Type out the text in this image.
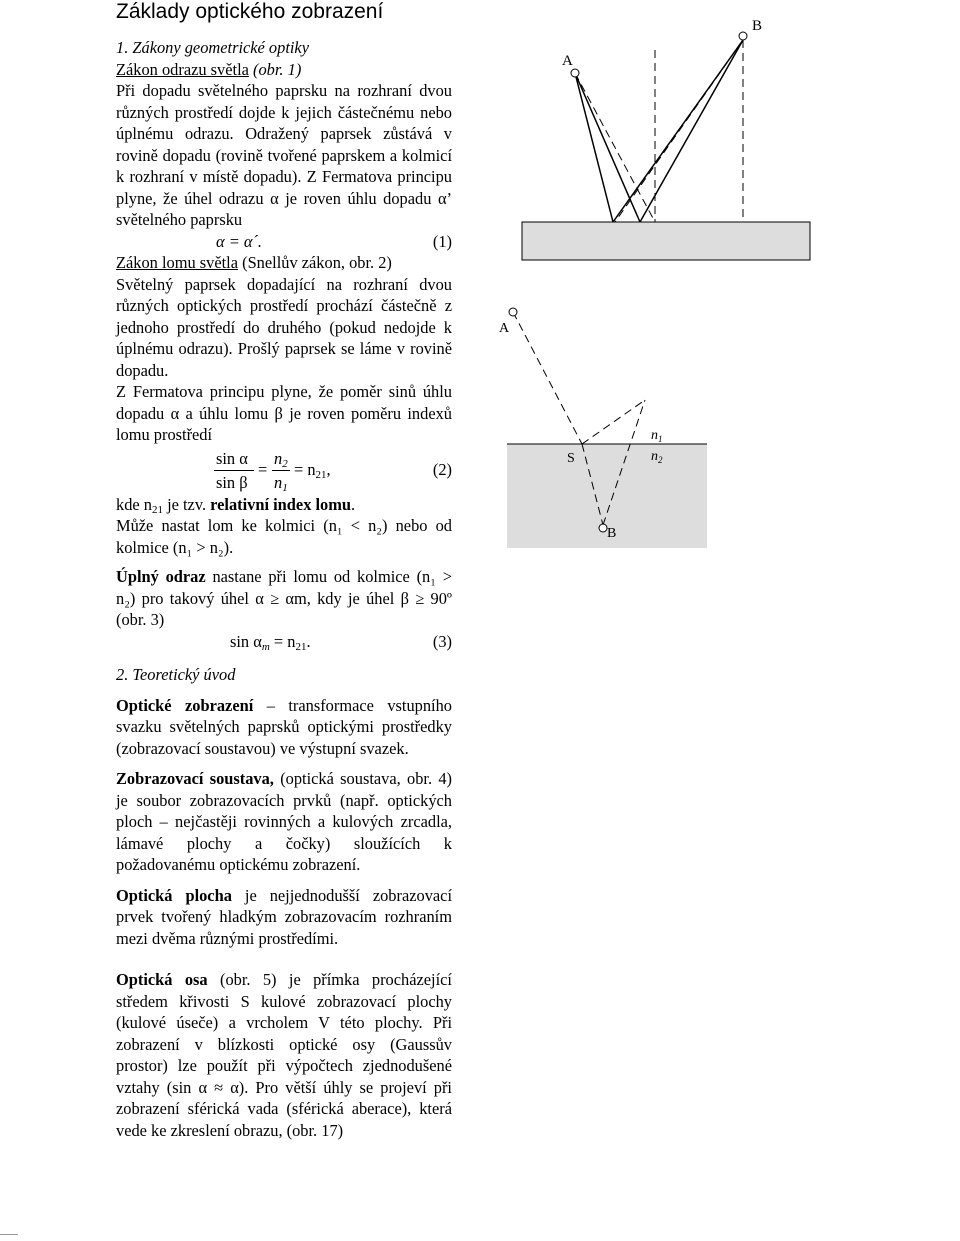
Základy optického zobrazení

1. Zákony geometrické optiky

Zákon odrazu světla (obr. 1)

Při dopadu světelného paprsku na rozhraní dvou různých prostředí dojde k jejich částečnému nebo úplnému odrazu. Odražený paprsek zůstává v rovině dopadu (rovině tvořené paprskem a kolmicí k rozhraní v místě dopadu). Z Fermatova principu plyne, že úhel odrazu α je roven úhlu dopadu α’ světelného paprsku

α = α´.	(1)

Zákon lomu světla (Snellův zákon, obr. 2)

Světelný paprsek dopadající na rozhraní dvou různých optických prostředí prochází částečně z jednoho prostředí do druhého (pokud nedojde k úplnému odrazu). Prošlý paprsek se láme v rovině dopadu.

Z Fermatova principu plyne, že poměr sinů úhlu dopadu α a úhlu lomu β je roven poměru indexů lomu prostředí

sin α
sin β
=
$n_2$
$n_1$
= $n_{21}$,	(2)

kde $n_{21}$ je tzv. relativní index lomu.

Může nastat lom ke kolmici (n₁ < n₂) nebo od kolmice (n₁ > n₂).

Úplný odraz nastane při lomu od kolmice (n₁ > n₂) pro takový úhel α ≥ αm, kdy je úhel β ≥ 90º (obr. 3)

$\sin \alpha_m = n_{21}$.	(3)

2. Teoretický úvod

Optické zobrazení – transformace vstupního svazku světelných paprsků optickými prostředky (zobrazovací soustavou) ve výstupní svazek.

Zobrazovací soustava, (optická soustava, obr. 4) je soubor zobrazovacích prvků (např. optických ploch – nejčastěji rovinných a kulových zrcadla, lámavé plochy a čočky) sloužících k požadovanému optickému zobrazení.

Optická plocha je nejjednodušší zobrazovací prvek tvořený hladkým zobrazovacím rozhraním mezi dvěma různými prostředími.

Optická osa (obr. 5) je přímka procházející středem křivosti S kulové zobrazovací plochy (kulové úseče) a vrcholem V této plochy. Při zobrazení v blízkosti optické osy (Gaussův prostor) lze použít při výpočtech zjednodušené vztahy (sin α ≈ α). Pro větší úhly se projeví při zobrazení sférická vada (sférická aberace), která vede ke zkreslení obrazu, (obr. 17)

A
B
A
S
B
$n_1$
$n_2$
